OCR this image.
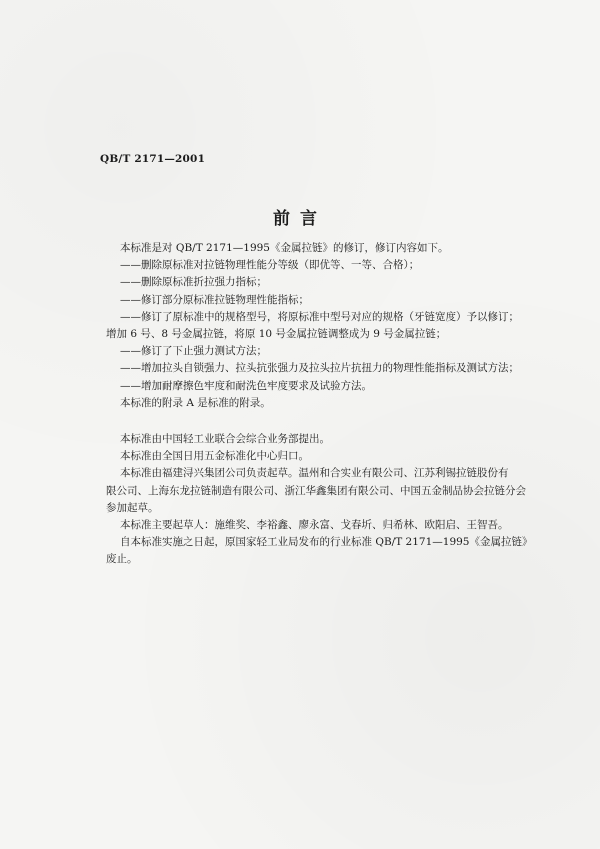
QB/T 2171—2001
前言

本标准是对 QB/T 2171—1995《金属拉链》的修订，修订内容如下。

——删除原标准对拉链物理性能分等级（即优等、一等、合格）；

——删除原标准折拉强力指标；

——修订部分原标准拉链物理性能指标；

——修订了原标准中的规格型号，将原标准中型号对应的规格（牙链宽度）予以修订；

增加 6 号、8 号金属拉链，将原 10 号金属拉链调整成为 9 号金属拉链；

——修订了下止强力测试方法；

——增加拉头自锁强力、拉头抗张强力及拉头拉片抗扭力的物理性能指标及测试方法；

——增加耐摩擦色牢度和耐洗色牢度要求及试验方法。

本标准的附录 A 是标准的附录。

本标准由中国轻工业联合会综合业务部提出。

本标准由全国日用五金标准化中心归口。

本标准由福建浔兴集团公司负责起草。温州和合实业有限公司、江苏利锡拉链股份有

限公司、上海东龙拉链制造有限公司、浙江华鑫集团有限公司、中国五金制品协会拉链分会

参加起草。

本标准主要起草人：施维奖、李裕鑫、廖永富、戈春圻、归希林、欧阳启、王智吾。

自本标准实施之日起，原国家轻工业局发布的行业标准 QB/T 2171—1995《金属拉链》

废止。
